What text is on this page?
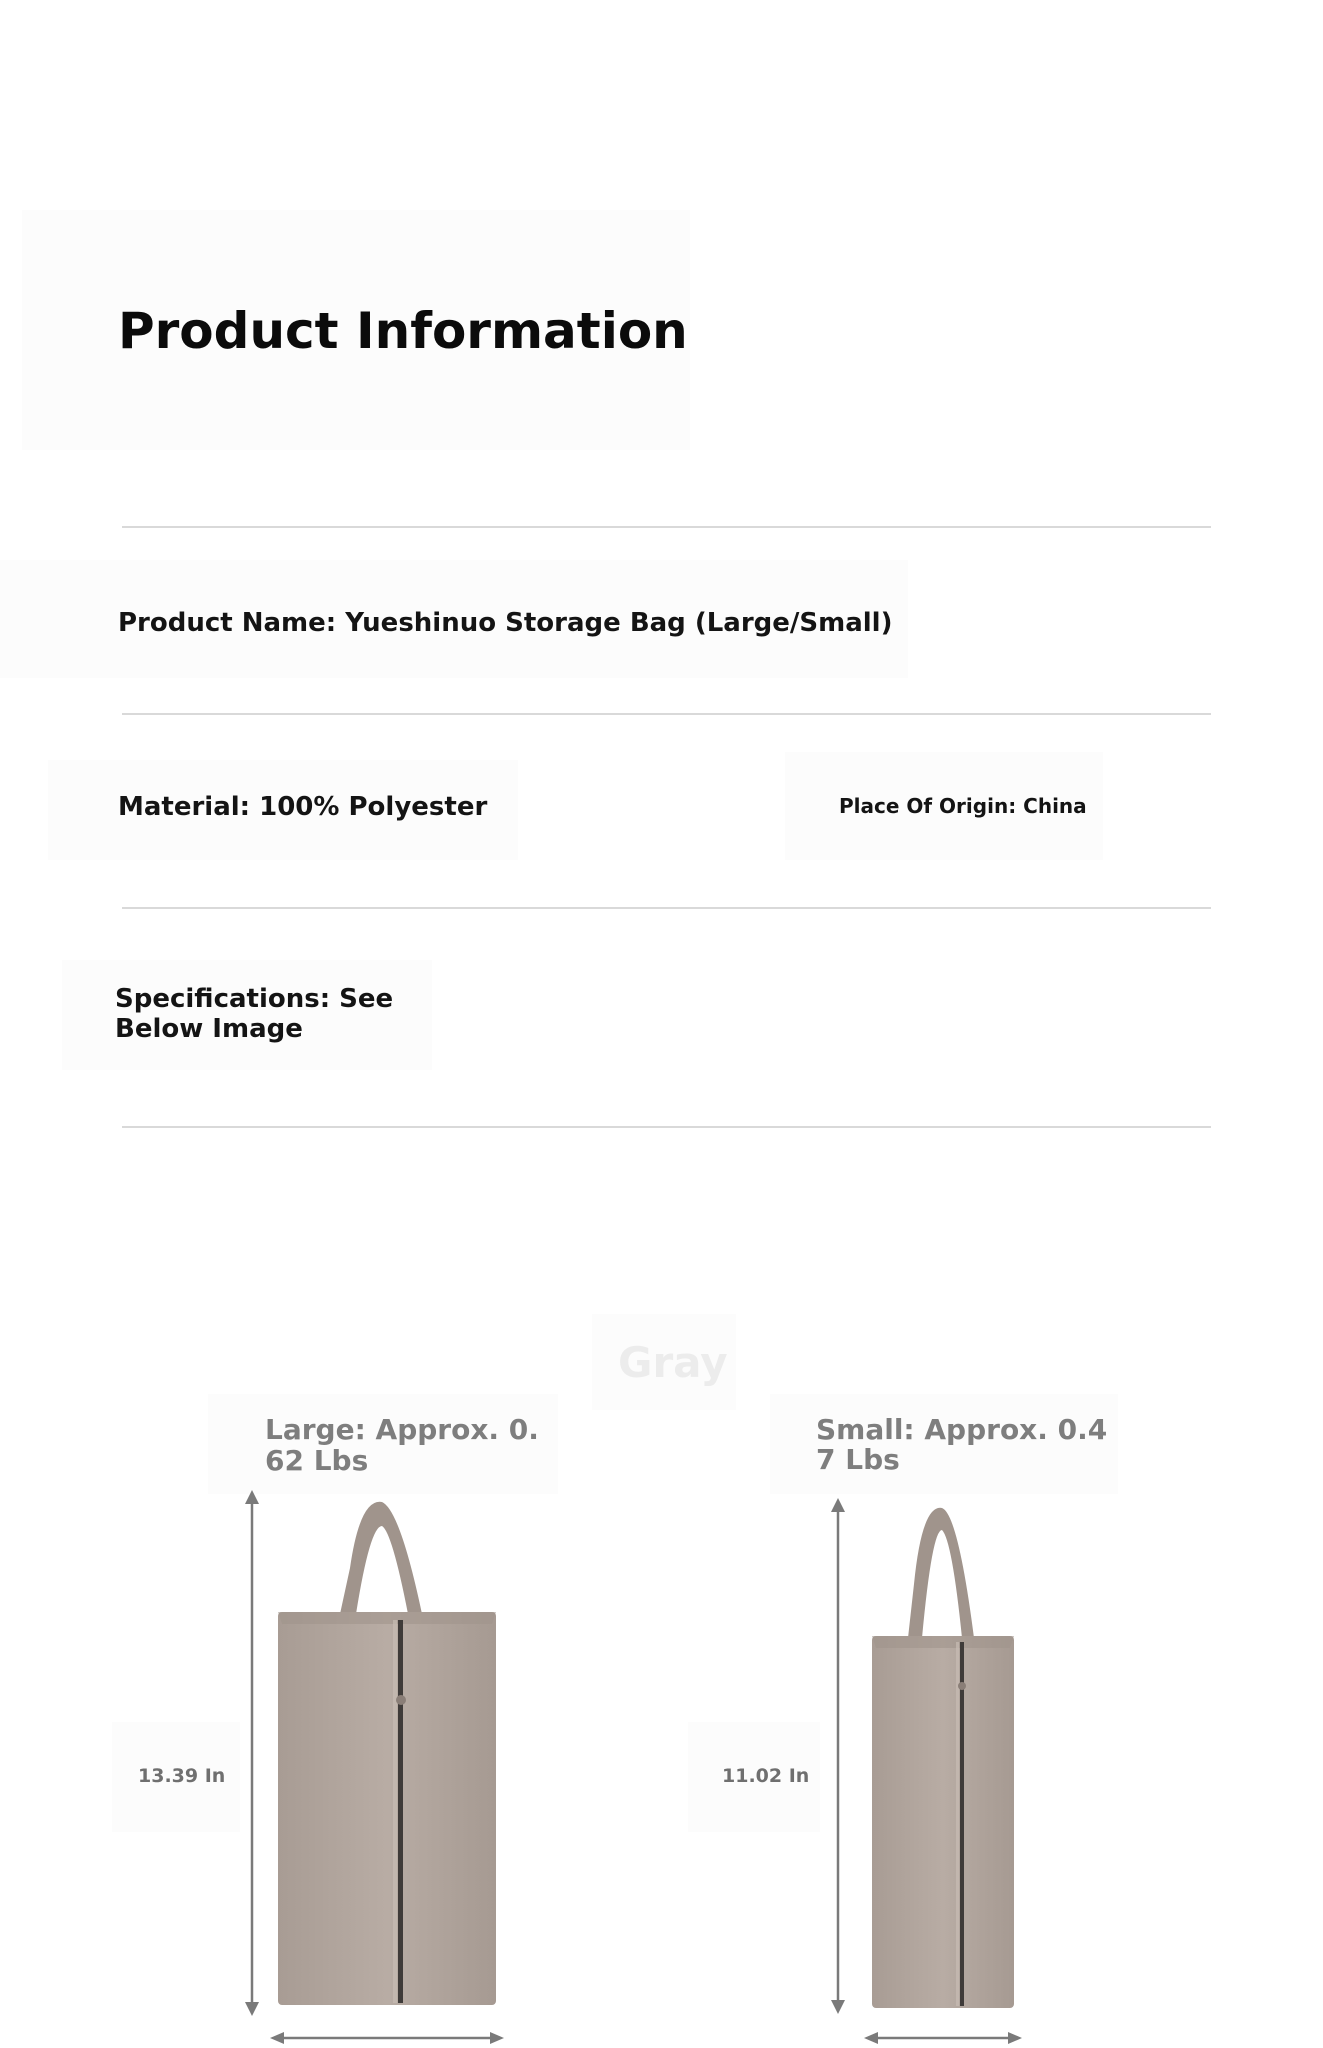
Product Information
Product Name: Yueshinuo Storage Bag (Large/Small)
Material: 100% Polyester	Place Of Origin: China
Specifications: See
Below Image
Gray
Large: Approx. 0.
62 Lbs
Small: Approx. 0.4
7 Lbs
13.39 In	11.02 In
